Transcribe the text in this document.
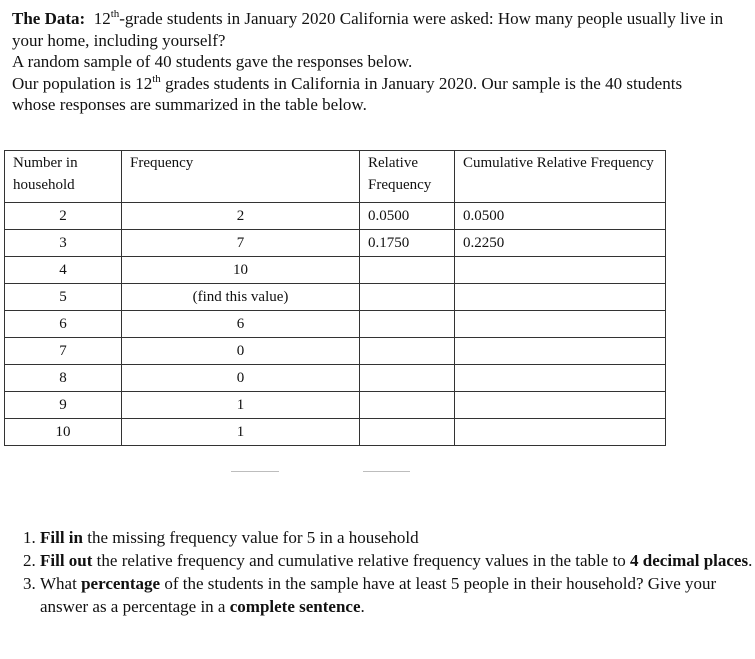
The Data: 12th-grade students in January 2020 California were asked: How many people usually live in your home, including yourself?

A random sample of 40 students gave the responses below.

Our population is 12th grades students in California in January 2020. Our sample is the 40 students whose responses are summarized in the table below.

Number in household	Frequency	Relative Frequency	Cumulative Relative Frequency
2	2	0.0500	0.0500
3	7	0.1750	0.2250
4	10		
5	(find this value)		
6	6		
7	0		
8	0		
9	1		
10	1		
1. Fill in the missing frequency value for 5 in a household
2. Fill out the relative frequency and cumulative relative frequency values in the table to 4 decimal places.
3. What percentage of the students in the sample have at least 5 people in their household? Give your answer as a percentage in a complete sentence.
